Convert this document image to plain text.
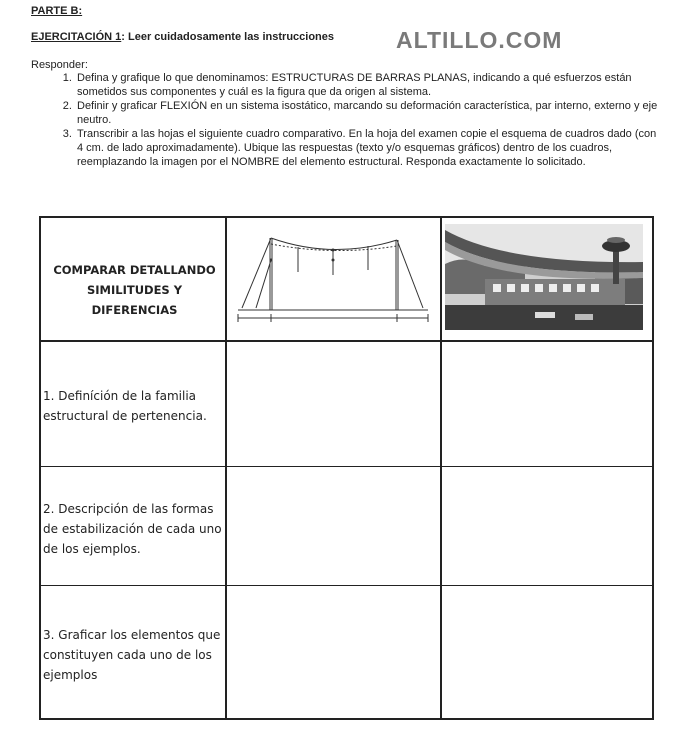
PARTE B:
EJERCITACIÓN 1: Leer cuidadosamente las instrucciones	ALTILLO.COM
Responder:
1. Defina y grafique lo que denominamos: ESTRUCTURAS DE BARRAS PLANAS, indicando a qué esfuerzos están sometidos sus componentes y cuál es la figura que da origen al sistema.
2. Definir y graficar FLEXIÓN en un sistema isostático, marcando su deformación característica, par interno, externo y eje neutro.
3. Transcribir a las hojas el siguiente cuadro comparativo. En la hoja del examen copie el esquema de cuadros dado (con 4 cm. de lado aproximadamente). Ubique las respuestas (texto y/o esquemas gráficos) dentro de los cuadros, reemplazando la imagen por el NOMBRE del elemento estructural. Responda exactamente lo solicitado.
COMPARAR DETALLANDO SIMILITUDES Y DIFERENCIAS
1. Definíción de la familia estructural de pertenencia.
2. Descripción de las formas de estabilización de cada uno de los ejemplos.
3. Graficar los elementos que constituyen cada uno de los ejemplos
